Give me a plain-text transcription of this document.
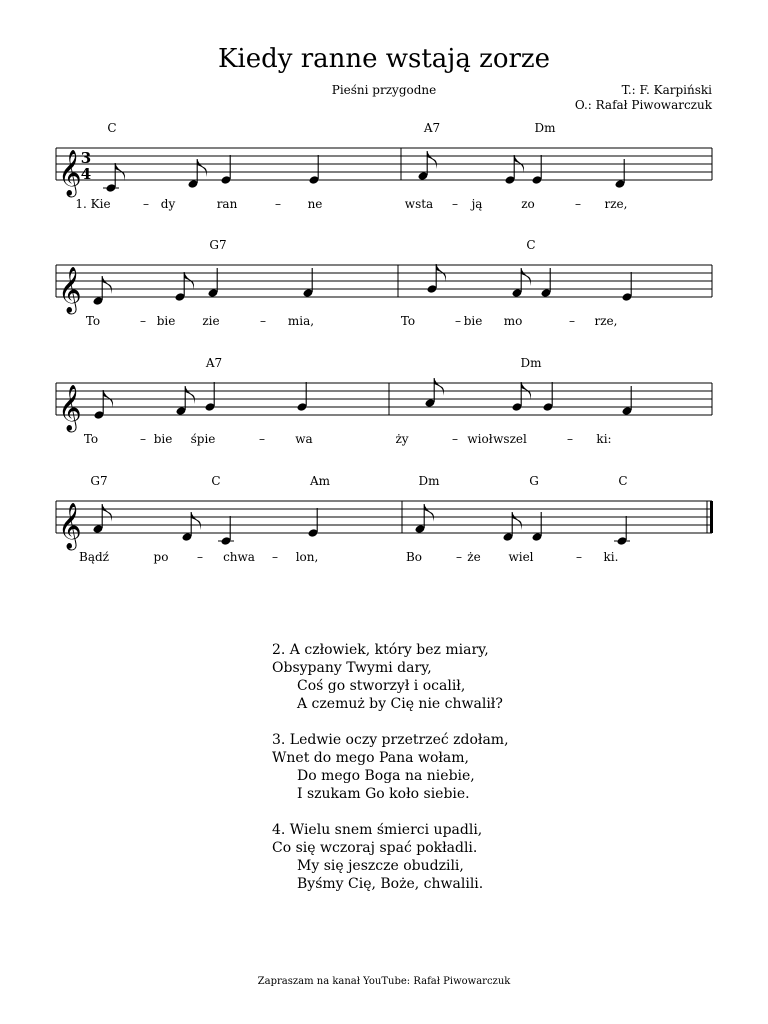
Kiedy ranne wstają zorze
Pieśni przygodne	T.: F. Karpiński
O.: Rafał Piwowarczuk
𝄞 3
4
C	A7	Dm
1. Kie	– dy	ran	– ne	wsta – ją	zo	– rze,
𝄞
G7	C
To	– bie zie	– mia,	To	– bie mo	– rze,
𝄞
A7	Dm
To	– bie śpie	–	wa	ży	– wioł wszel	– ki:
𝄞
G7	C	Am	Dm	G	C
Bądź	po – chwa – lon,	Bo	– że wiel	– ki.
2. A człowiek, który bez miary,
Obsypany Twymi dary,
Coś go stworzył i ocalił,
A czemuż by Cię nie chwalił?
3. Ledwie oczy przetrzeć zdołam,
Wnet do mego Pana wołam,
Do mego Boga na niebie,
I szukam Go koło siebie.
4. Wielu snem śmierci upadli,
Co się wczoraj spać pokładli.
My się jeszcze obudzili,
Byśmy Cię, Boże, chwalili.
Zapraszam na kanał YouTube: Rafał Piwowarczuk
